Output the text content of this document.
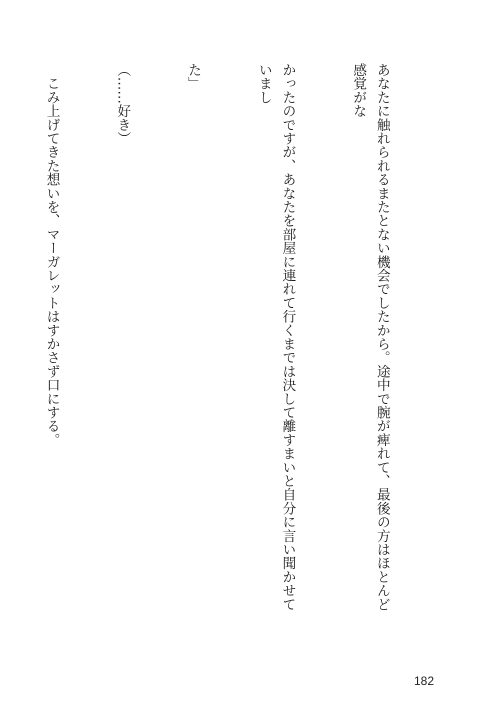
あなたに触れられるまたとない機会でしたから。途中で腕が痺れて、最後の方はほとんど感覚がな

かったのですが、あなたを部屋に連れて行くまでは決して離すまいと自分に言い聞かせていまし

た」

（……好き）

　こみ上げてきた想いを、マーガレットはすかさず口にする。

182
